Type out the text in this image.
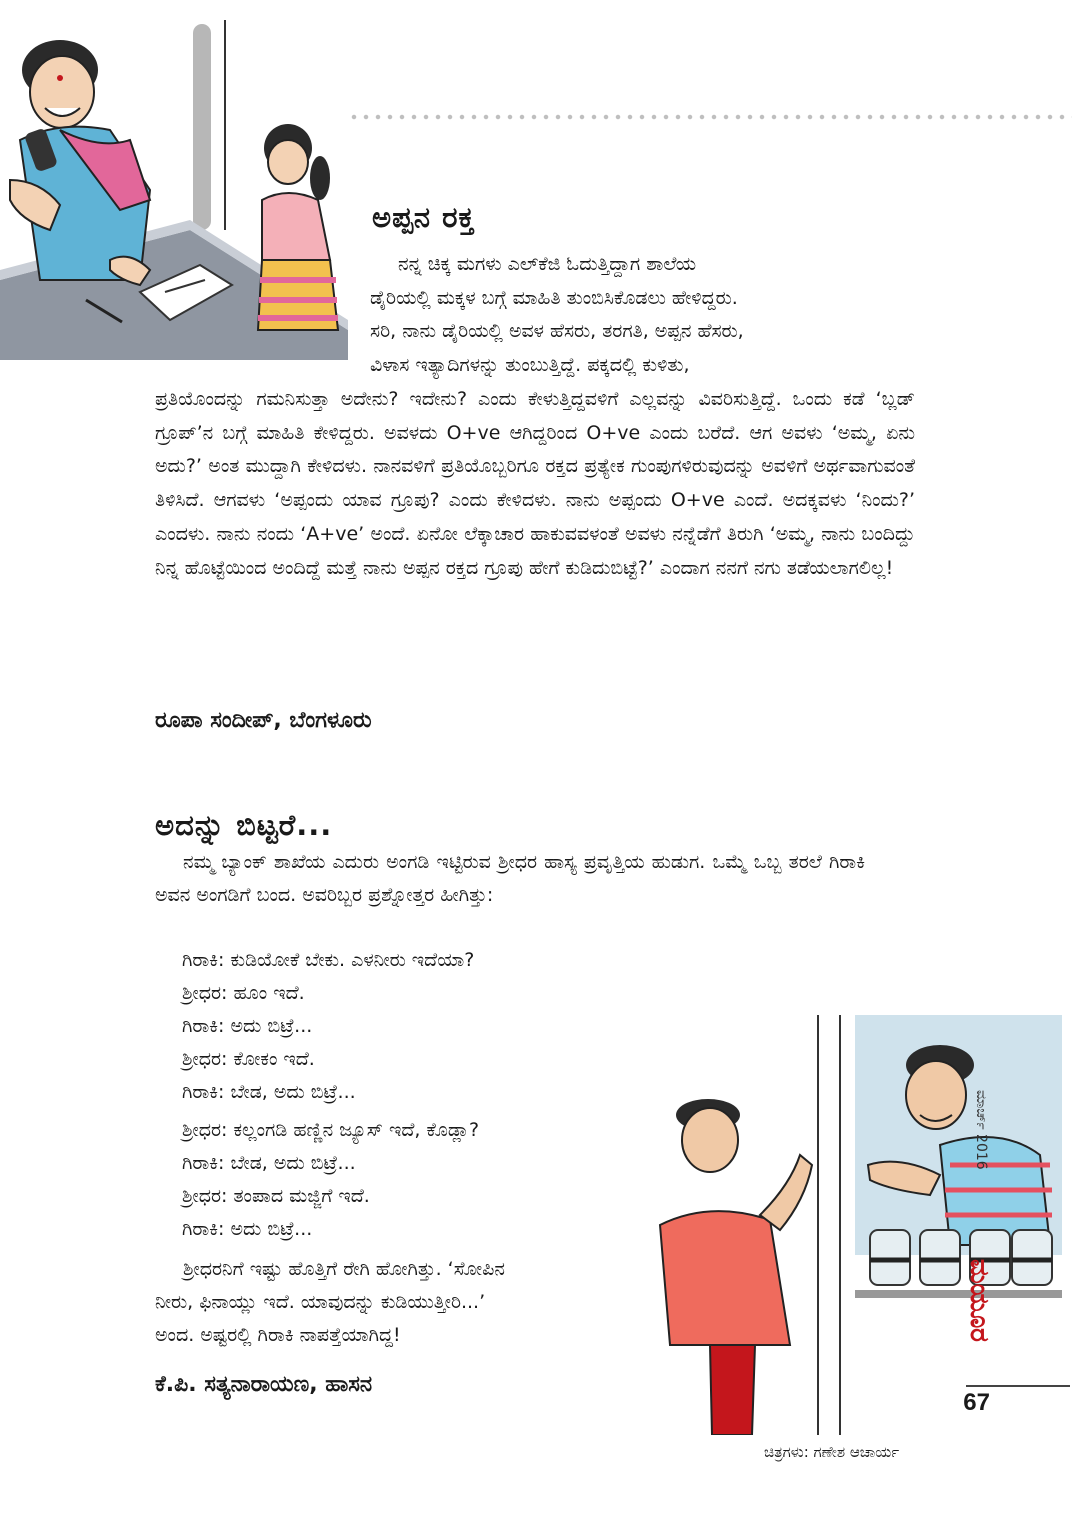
ಅಪ್ಪನ ರಕ್ತ
ನನ್ನ ಚಿಕ್ಕ ಮಗಳು ಎಲ್‌ಕೆಜಿ ಓದುತ್ತಿದ್ದಾಗ ಶಾಲೆಯ
ಡೈರಿಯಲ್ಲಿ ಮಕ್ಕಳ ಬಗ್ಗೆ ಮಾಹಿತಿ ತುಂಬಿಸಿಕೊಡಲು ಹೇಳಿದ್ದರು.
ಸರಿ, ನಾನು ಡೈರಿಯಲ್ಲಿ ಅವಳ ಹೆಸರು, ತರಗತಿ, ಅಪ್ಪನ ಹೆಸರು,
ವಿಳಾಸ ಇತ್ಯಾದಿಗಳನ್ನು ತುಂಬುತ್ತಿದ್ದೆ. ಪಕ್ಕದಲ್ಲಿ ಕುಳಿತು,

ಪ್ರತಿಯೊಂದನ್ನು ಗಮನಿಸುತ್ತಾ ಅದೇನು? ಇದೇನು? ಎಂದು ಕೇಳುತ್ತಿದ್ದವಳಿಗೆ ಎಲ್ಲವನ್ನು ವಿವರಿಸುತ್ತಿದ್ದೆ. ಒಂದು ಕಡೆ ‘ಬ್ಲಡ್ ಗ್ರೂಪ್’ನ ಬಗ್ಗೆ ಮಾಹಿತಿ ಕೇಳಿದ್ದರು. ಅವಳದು O+ve ಆಗಿದ್ದರಿಂದ O+ve ಎಂದು ಬರೆದೆ. ಆಗ ಅವಳು ‘ಅಮ್ಮ, ಏನು ಅದು?’ ಅಂತ ಮುದ್ದಾಗಿ ಕೇಳಿದಳು. ನಾನವಳಿಗೆ ಪ್ರತಿಯೊಬ್ಬರಿಗೂ ರಕ್ತದ ಪ್ರತ್ಯೇಕ ಗುಂಪುಗಳಿರುವುದನ್ನು ಅವಳಿಗೆ ಅರ್ಥವಾಗುವಂತೆ ತಿಳಿಸಿದೆ. ಆಗವಳು ‘ಅಪ್ಪಂದು ಯಾವ ಗ್ರೂಪು? ಎಂದು ಕೇಳಿದಳು. ನಾನು ಅಪ್ಪಂದು O+ve ಎಂದೆ. ಅದಕ್ಕವಳು ‘ನಿಂದು?’ ಎಂದಳು. ನಾನು ನಂದು ‘A+ve’ ಅಂದೆ. ಏನೋ ಲೆಕ್ಕಾಚಾರ ಹಾಕುವವಳಂತೆ ಅವಳು ನನ್ನೆಡೆಗೆ ತಿರುಗಿ ‘ಅಮ್ಮ, ನಾನು ಬಂದಿದ್ದು ನಿನ್ನ ಹೊಟ್ಟೆಯಿಂದ ಅಂದಿದ್ದೆ ಮತ್ತೆ ನಾನು ಅಪ್ಪನ ರಕ್ತದ ಗ್ರೂಪು ಹೇಗೆ ಕುಡಿದುಬಿಟ್ಟೆ?’ ಎಂದಾಗ ನನಗೆ ನಗು ತಡೆಯಲಾಗಲಿಲ್ಲ!

ರೂಪಾ ಸಂದೀಪ್, ಬೆಂಗಳೂರು

ಅದನ್ನು ಬಿಟ್ಟರೆ...

ನಮ್ಮ ಬ್ಯಾಂಕ್ ಶಾಖೆಯ ಎದುರು ಅಂಗಡಿ ಇಟ್ಟಿರುವ ಶ್ರೀಧರ ಹಾಸ್ಯ ಪ್ರವೃತ್ತಿಯ ಹುಡುಗ. ಒಮ್ಮೆ ಒಬ್ಬ ತರಲೆ ಗಿರಾಕಿ ಅವನ ಅಂಗಡಿಗೆ ಬಂದ. ಅವರಿಬ್ಬರ ಪ್ರಶ್ನೋತ್ತರ ಹೀಗಿತ್ತು:

ಗಿರಾಕಿ: ಕುಡಿಯೋಕೆ ಬೇಕು. ಎಳನೀರು ಇದೆಯಾ?
ಶ್ರೀಧರ: ಹೂಂ ಇದೆ.
ಗಿರಾಕಿ: ಅದು ಬಿಟ್ರೆ...
ಶ್ರೀಧರ: ಕೋಕಂ ಇದೆ.
ಗಿರಾಕಿ: ಬೇಡ, ಅದು ಬಿಟ್ರೆ...
ಶ್ರೀಧರ: ಕಲ್ಲಂಗಡಿ ಹಣ್ಣಿನ ಜ್ಯೂಸ್ ಇದೆ, ಕೊಡ್ಲಾ?
ಗಿರಾಕಿ: ಬೇಡ, ಅದು ಬಿಟ್ರೆ...
ಶ್ರೀಧರ: ತಂಪಾದ ಮಜ್ಜಿಗೆ ಇದೆ.
ಗಿರಾಕಿ: ಅದು ಬಿಟ್ರೆ...
ಶ್ರೀಧರನಿಗೆ ಇಷ್ಟು ಹೊತ್ತಿಗೆ ರೇಗಿ ಹೋಗಿತ್ತು. ‘ಸೋಪಿನ
ನೀರು, ಫಿನಾಯ್ಲು ಇದೆ. ಯಾವುದನ್ನು ಕುಡಿಯುತ್ತೀರಿ...’
ಅಂದ. ಅಷ್ಟರಲ್ಲಿ ಗಿರಾಕಿ ನಾಪತ್ತೆಯಾಗಿದ್ದ!

ಕೆ.ಪಿ. ಸತ್ಯನಾರಾಯಣ, ಹಾಸನ

ಮಾರ್ಚ್ 2016
ಮಯೂರ
67
ಚಿತ್ರಗಳು: ಗಣೇಶ ಆಚಾರ್ಯ
